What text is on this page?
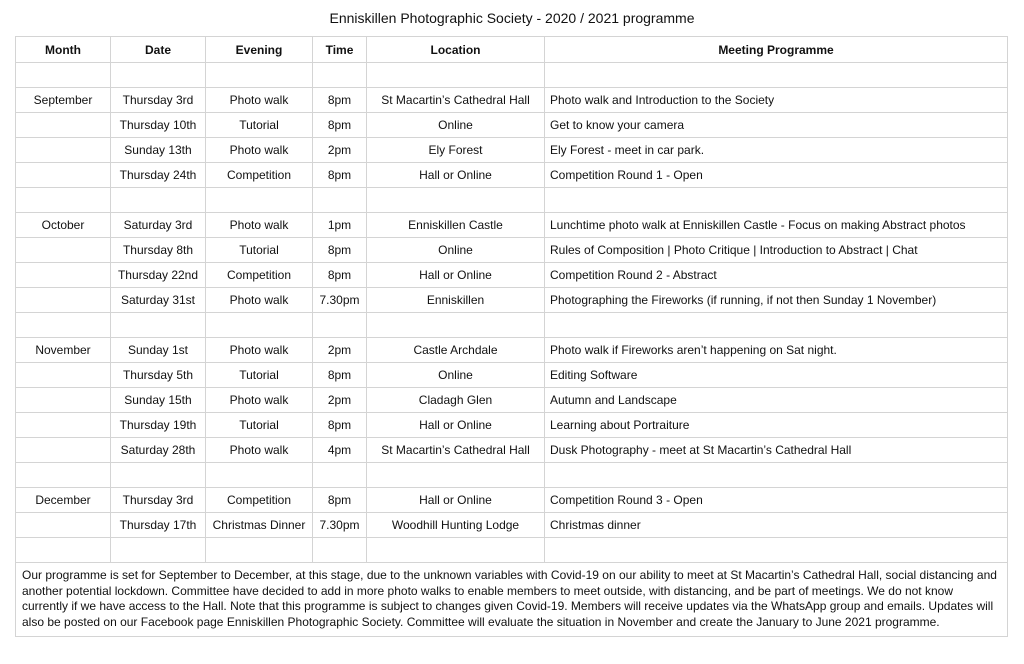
Enniskillen Photographic Society - 2020 / 2021 programme
Month	Date	Evening	Time	Location	Meeting Programme

September	Thursday 3rd	Photo walk	8pm	St Macartin’s Cathedral Hall	Photo walk and Introduction to the Society
	Thursday 10th	Tutorial	8pm	Online	Get to know your camera
	Sunday 13th	Photo walk	2pm	Ely Forest	Ely Forest - meet in car park.
	Thursday 24th	Competition	8pm	Hall or Online	Competition Round 1 - Open

October	Saturday 3rd	Photo walk	1pm	Enniskillen Castle	Lunchtime photo walk at Enniskillen Castle - Focus on making Abstract photos
	Thursday 8th	Tutorial	8pm	Online	Rules of Composition | Photo Critique | Introduction to Abstract | Chat
	Thursday 22nd	Competition	8pm	Hall or Online	Competition Round 2 - Abstract
	Saturday 31st	Photo walk	7.30pm	Enniskillen	Photographing the Fireworks (if running, if not then Sunday 1 November)

November	Sunday 1st	Photo walk	2pm	Castle Archdale	Photo walk if Fireworks aren’t happening on Sat night.
	Thursday 5th	Tutorial	8pm	Online	Editing Software
	Sunday 15th	Photo walk	2pm	Cladagh Glen	Autumn and Landscape
	Thursday 19th	Tutorial	8pm	Hall or Online	Learning about Portraiture
	Saturday 28th	Photo walk	4pm	St Macartin’s Cathedral Hall	Dusk Photography - meet at St Macartin’s Cathedral Hall

December	Thursday 3rd	Competition	8pm	Hall or Online	Competition Round 3 - Open
	Thursday 17th	Christmas Dinner	7.30pm	Woodhill Hunting Lodge	Christmas dinner

Our programme is set for September to December, at this stage, due to the unknown variables with Covid-19 on our ability to meet at St Macartin’s Cathedral Hall, social distancing and another potential lockdown. Committee have decided to add in more photo walks to enable members to meet outside, with distancing, and be part of meetings. We do not know currently if we have access to the Hall. Note that this programme is subject to changes given Covid-19. Members will receive updates via the WhatsApp group and emails. Updates will also be posted on our Facebook page Enniskillen Photographic Society. Committee will evaluate the situation in November and create the January to June 2021 programme.					
